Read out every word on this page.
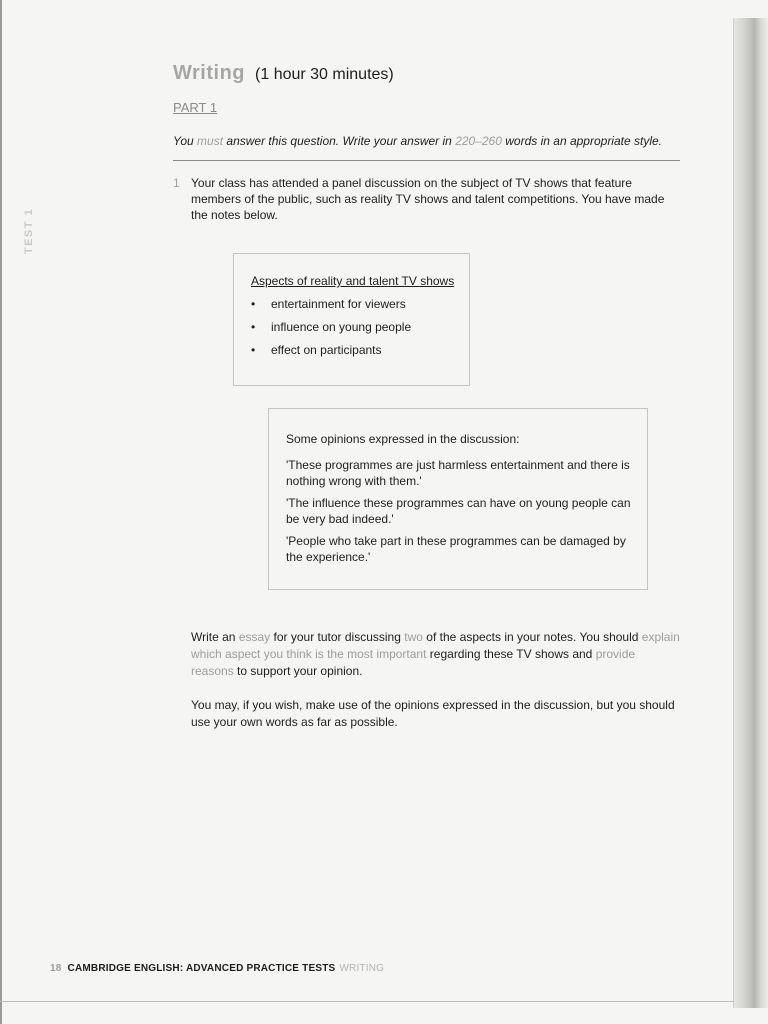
TEST 1
Writing (1 hour 30 minutes)
PART 1
You must answer this question. Write your answer in 220–260 words in an appropriate style.
1 Your class has attended a panel discussion on the subject of TV shows that feature members of the public, such as reality TV shows and talent competitions. You have made the notes below.
Aspects of reality and talent TV shows
• entertainment for viewers
• influence on young people
• effect on participants

Some opinions expressed in the discussion:

'These programmes are just harmless entertainment and there is nothing wrong with them.'

'The influence these programmes can have on young people can be very bad indeed.'

'People who take part in these programmes can be damaged by the experience.'

Write an essay for your tutor discussing two of the aspects in your notes. You should explain which aspect you think is the most important regarding these TV shows and provide reasons to support your opinion.
You may, if you wish, make use of the opinions expressed in the discussion, but you should use your own words as far as possible.
18 CAMBRIDGE ENGLISH: ADVANCED PRACTICE TESTS WRITING
